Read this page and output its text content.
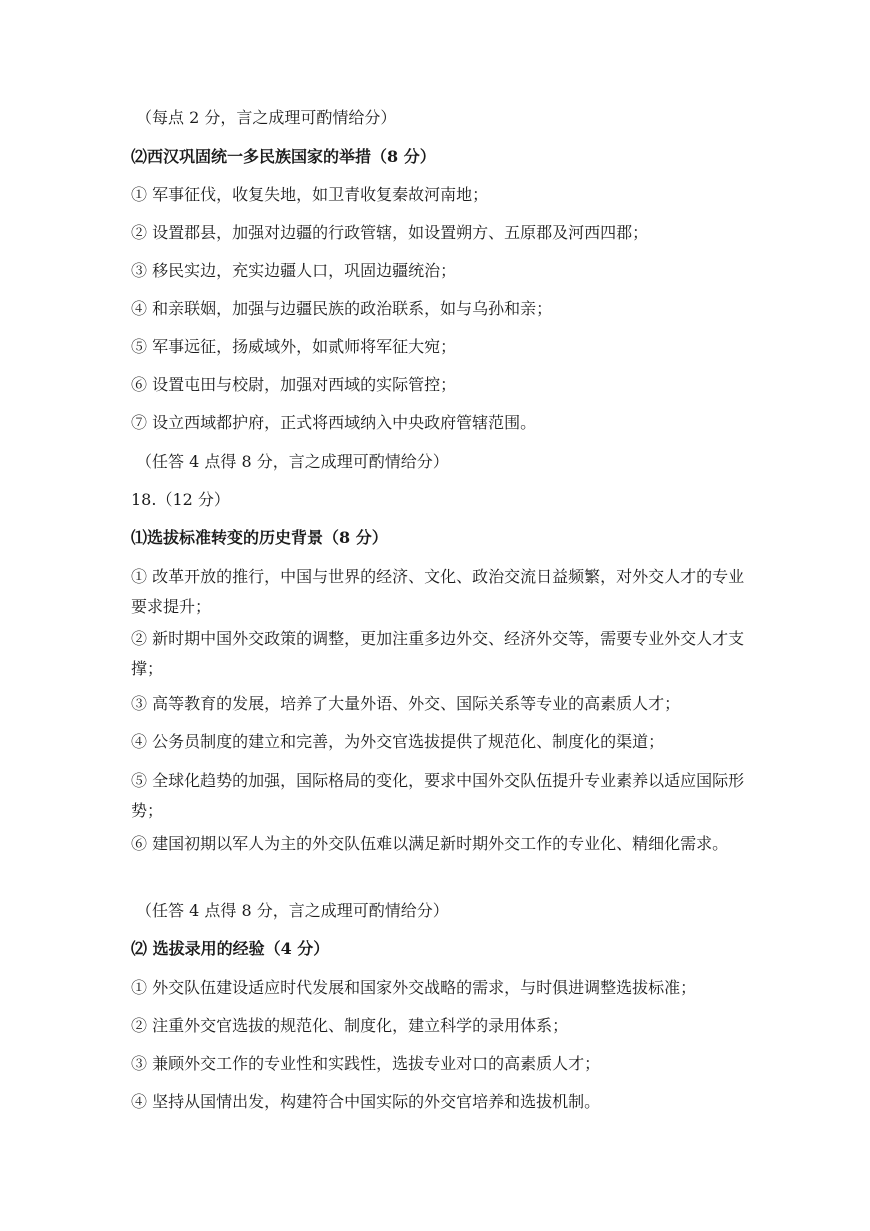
（每点 2 分，言之成理可酌情给分）
⑵西汉巩固统一多民族国家的举措（8 分）
① 军事征伐，收复失地，如卫青收复秦故河南地；
② 设置郡县，加强对边疆的行政管辖，如设置朔方、五原郡及河西四郡；
③ 移民实边，充实边疆人口，巩固边疆统治；
④ 和亲联姻，加强与边疆民族的政治联系，如与乌孙和亲；
⑤ 军事远征，扬威域外，如贰师将军征大宛；
⑥ 设置屯田与校尉，加强对西域的实际管控；
⑦ 设立西域都护府，正式将西域纳入中央政府管辖范围。
（任答 4 点得 8 分，言之成理可酌情给分）
18.（12 分）
⑴选拔标准转变的历史背景（8 分）
① 改革开放的推行，中国与世界的经济、文化、政治交流日益频繁，对外交人才的专业要求提升；
② 新时期中国外交政策的调整，更加注重多边外交、经济外交等，需要专业外交人才支撑；
③ 高等教育的发展，培养了大量外语、外交、国际关系等专业的高素质人才；
④ 公务员制度的建立和完善，为外交官选拔提供了规范化、制度化的渠道；
⑤ 全球化趋势的加强，国际格局的变化，要求中国外交队伍提升专业素养以适应国际形势；
⑥ 建国初期以军人为主的外交队伍难以满足新时期外交工作的专业化、精细化需求。
（任答 4 点得 8 分，言之成理可酌情给分）
⑵ 选拔录用的经验（4 分）
① 外交队伍建设适应时代发展和国家外交战略的需求，与时俱进调整选拔标准；
② 注重外交官选拔的规范化、制度化，建立科学的录用体系；
③ 兼顾外交工作的专业性和实践性，选拔专业对口的高素质人才；
④ 坚持从国情出发，构建符合中国实际的外交官培养和选拔机制。
